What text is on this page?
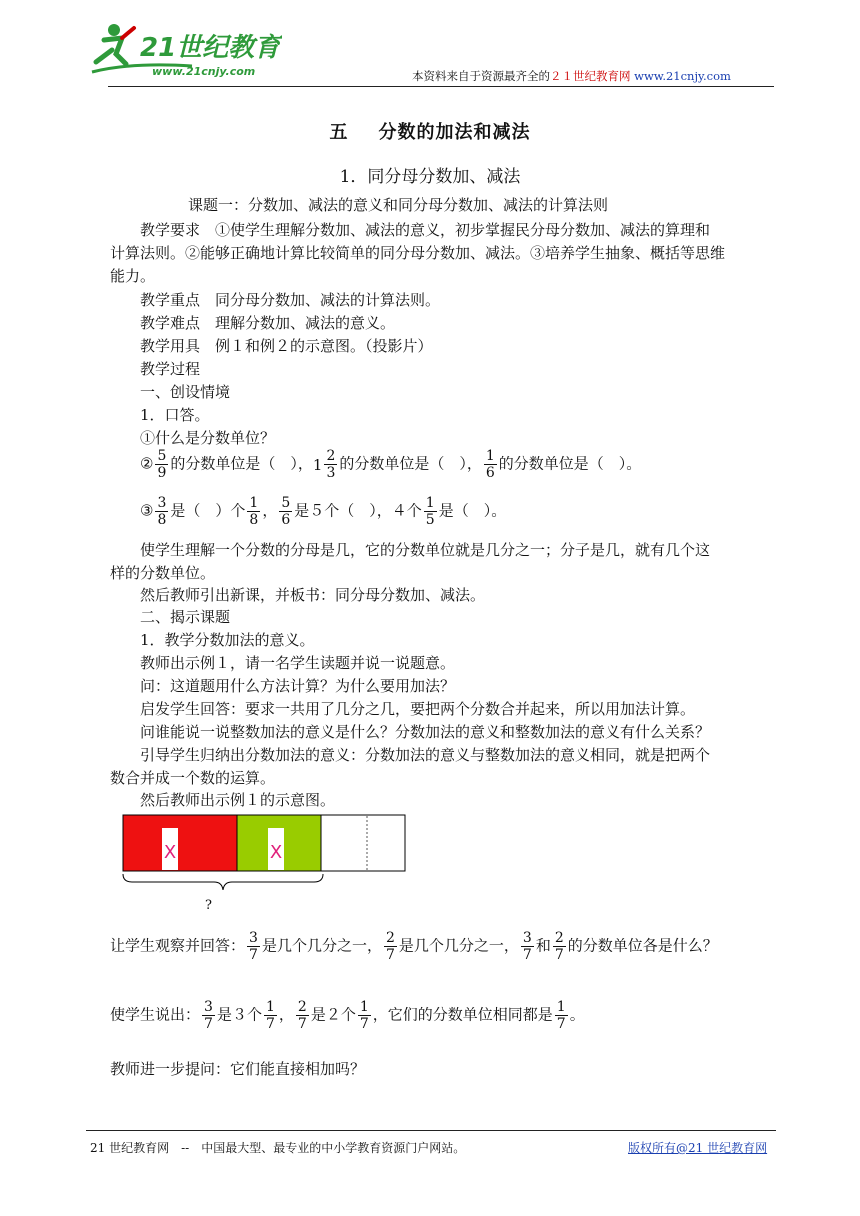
21世纪教育
www.21cnjy.com	本资料来自于资源最齐全的２１世纪教育网 www.21cnjy.com
五 分数的加法和减法
1．同分母分数加、减法
课题一：分数加、减法的意义和同分母分数加、减法的计算法则
教学要求　①使学生理解分数加、减法的意义，初步掌握民分母分数加、减法的算理和
计算法则。②能够正确地计算比较简单的同分母分数加、减法。③培养学生抽象、概括等思维
能力。
教学重点　同分母分数加、减法的计算法则。
教学难点　理解分数加、减法的意义。
教学用具　例１和例２的示意图。（投影片）
教学过程
一、创设情境
1．口答。
①什么是分数单位？
② $\frac{5}{9}$ 的分数单位是（　），$1 \frac{2}{3}$ 的分数单位是（　）， $\frac{1}{6}$ 的分数单位是（　）。
③ $\frac{3}{8}$ 是（　）个 $\frac{1}{8}$ ， $\frac{5}{6}$ 是５个（　），４个 $\frac{1}{5}$ 是（　）。
使学生理解一个分数的分母是几，它的分数单位就是几分之一；分子是几，就有几个这
样的分数单位。
然后教师引出新课，并板书：同分母分数加、减法。
二、揭示课题
1．教学分数加法的意义。
教师出示例１，请一名学生读题并说一说题意。
问：这道题用什么方法计算？为什么要用加法？
启发学生回答：要求一共用了几分之几，要把两个分数合并起来，所以用加法计算。
问谁能说一说整数加法的意义是什么？分数加法的意义和整数加法的意义有什么关系？
引导学生归纳出分数加法的意义：分数加法的意义与整数加法的意义相同，就是把两个
数合并成一个数的运算。
然后教师出示例１的示意图。
X	X
?
让学生观察并回答： $\frac{3}{7}$ 是几个几分之一， $\frac{2}{7}$ 是几个几分之一， $\frac{3}{7}$ 和 $\frac{2}{7}$ 的分数单位各是什么？
使学生说出： $\frac{3}{7}$ 是３个 $\frac{1}{7}$ ， $\frac{2}{7}$ 是２个 $\frac{1}{7}$ ，它们的分数单位相同都是 $\frac{1}{7}$ 。
教师进一步提问：它们能直接相加吗？
21 世纪教育网　--　中国最大型、最专业的中小学教育资源门户网站。	版权所有@21 世纪教育网
